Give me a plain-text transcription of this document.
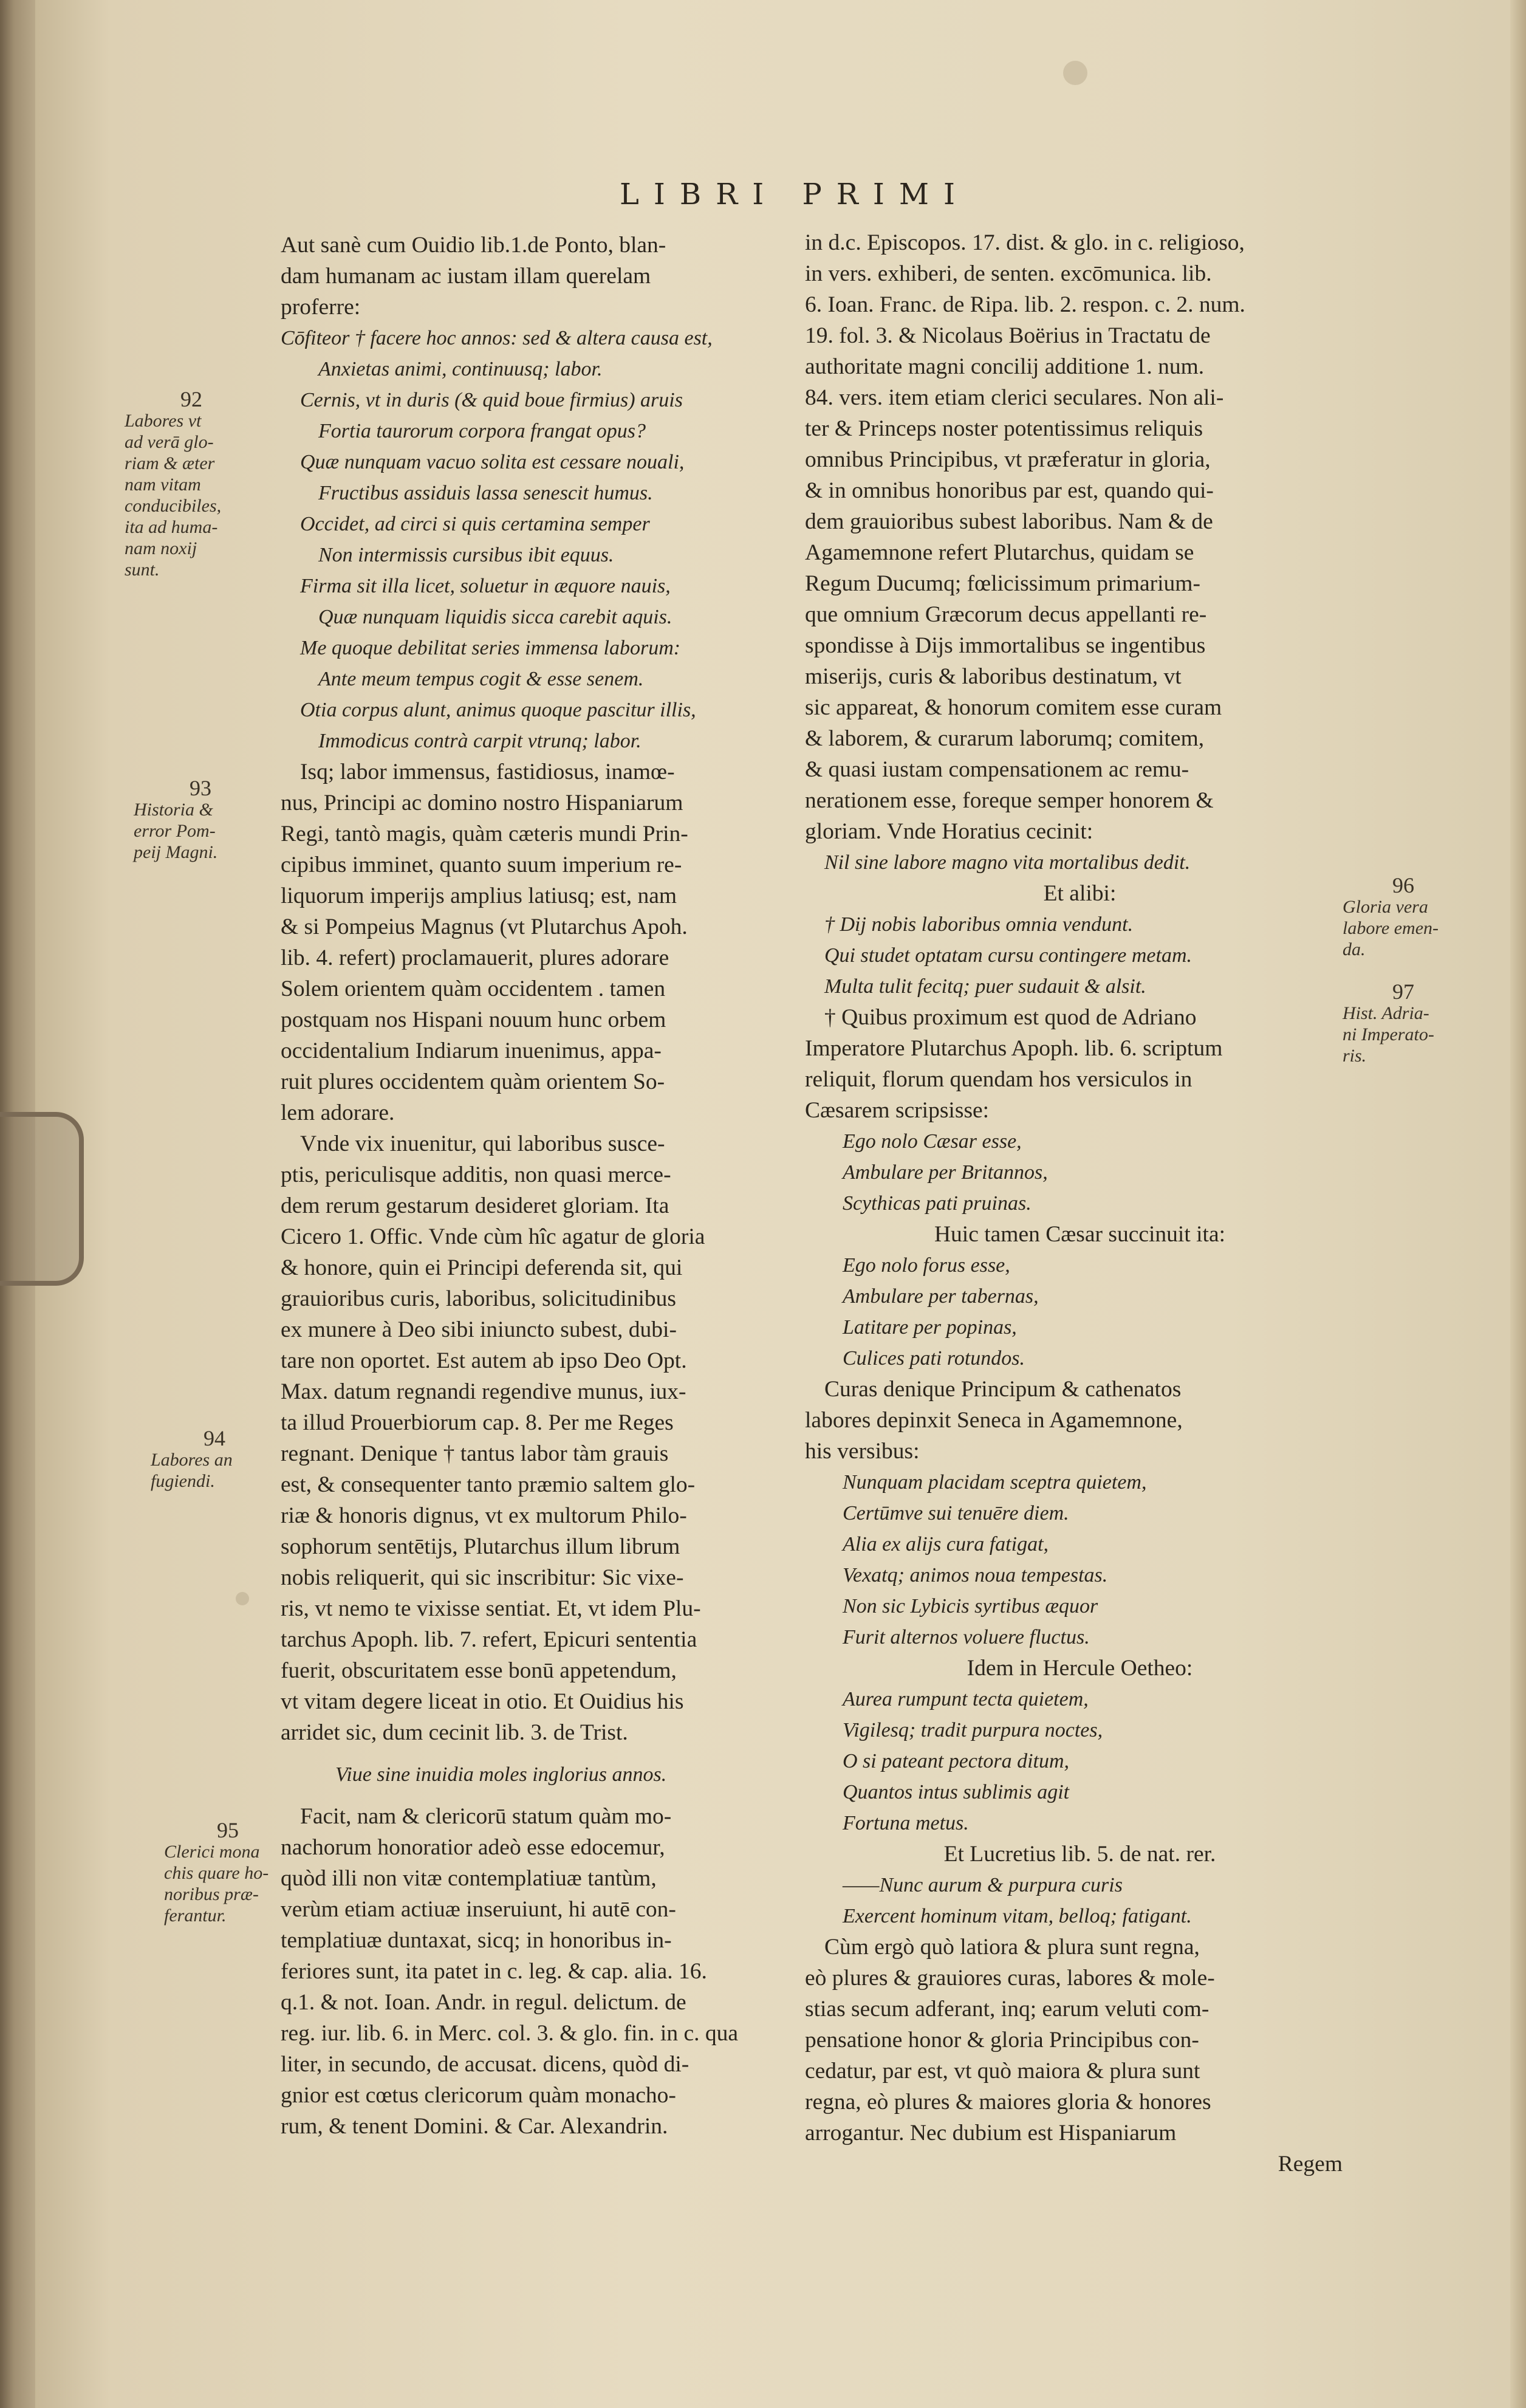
LIBRI PRIMI
Aut sanè cum Ouidio lib.1.de Ponto, blan-
dam humanam ac iustam illam querelam
proferre:
Cōfiteor † facere hoc annos: sed & altera causa est,
Anxietas animi, continuusq; labor.
Cernis, vt in duris (& quid boue firmius) aruis
Fortia taurorum corpora frangat opus?
Quæ nunquam vacuo solita est cessare nouali,
Fructibus assiduis lassa senescit humus.
Occidet, ad circi si quis certamina semper
Non intermissis cursibus ibit equus.
Firma sit illa licet, soluetur in æquore nauis,
Quæ nunquam liquidis sicca carebit aquis.
Me quoque debilitat series immensa laborum:
Ante meum tempus cogit & esse senem.
Otia corpus alunt, animus quoque pascitur illis,
Immodicus contrà carpit vtrunq; labor.
Isq; labor immensus, fastidiosus, inamœ-
nus, Principi ac domino nostro Hispaniarum
Regi, tantò magis, quàm cæteris mundi Prin-
cipibus imminet, quanto suum imperium re-
liquorum imperijs amplius latiusq; est, nam
& si Pompeius Magnus (vt Plutarchus Apoh.
lib. 4. refert) proclamauerit, plures adorare
Solem orientem quàm occidentem . tamen
postquam nos Hispani nouum hunc orbem
occidentalium Indiarum inuenimus, appa-
ruit plures occidentem quàm orientem So-
lem adorare.
Vnde vix inuenitur, qui laboribus susce-
ptis, periculisque additis, non quasi merce-
dem rerum gestarum desideret gloriam. Ita
Cicero 1. Offic. Vnde cùm hîc agatur de gloria
& honore, quin ei Principi deferenda sit, qui
grauioribus curis, laboribus, solicitudinibus
ex munere à Deo sibi iniuncto subest, dubi-
tare non oportet. Est autem ab ipso Deo Opt.
Max. datum regnandi regendive munus, iux-
ta illud Prouerbiorum cap. 8. Per me Reges
regnant. Denique † tantus labor tàm grauis
est, & consequenter tanto præmio saltem glo-
riæ & honoris dignus, vt ex multorum Philo-
sophorum sentētijs, Plutarchus illum librum
nobis reliquerit, qui sic inscribitur: Sic vixe-
ris, vt nemo te vixisse sentiat. Et, vt idem Plu-
tarchus Apoph. lib. 7. refert, Epicuri sententia
fuerit, obscuritatem esse bonū appetendum,
vt vitam degere liceat in otio. Et Ouidius his
arridet sic, dum cecinit lib. 3. de Trist.
Viue sine inuidia moles inglorius annos.
Facit, nam & clericorū statum quàm mo-
nachorum honoratior adeò esse edocemur,
quòd illi non vitæ contemplatiuæ tantùm,
verùm etiam actiuæ inseruiunt, hi autē con-
templatiuæ duntaxat, sicq; in honoribus in-
feriores sunt, ita patet in c. leg. & cap. alia. 16.
q.1. & not. Ioan. Andr. in regul. delictum. de
reg. iur. lib. 6. in Merc. col. 3. & glo. fin. in c. qua
liter, in secundo, de accusat. dicens, quòd di-
gnior est cœtus clericorum quàm monacho-
rum, & tenent Domini. & Car. Alexandrin.
in d.c. Episcopos. 17. dist. & glo. in c. religioso,
in vers. exhiberi, de senten. excōmunica. lib.
6. Ioan. Franc. de Ripa. lib. 2. respon. c. 2. num.
19. fol. 3. & Nicolaus Boërius in Tractatu de
authoritate magni concilij additione 1. num.
84. vers. item etiam clerici seculares. Non ali-
ter & Princeps noster potentissimus reliquis
omnibus Principibus, vt præferatur in gloria,
& in omnibus honoribus par est, quando qui-
dem grauioribus subest laboribus. Nam & de
Agamemnone refert Plutarchus, quidam se
Regum Ducumq; fœlicissimum primarium-
que omnium Græcorum decus appellanti re-
spondisse à Dijs immortalibus se ingentibus
miserijs, curis & laboribus destinatum, vt
sic appareat, & honorum comitem esse curam
& laborem, & curarum laborumq; comitem,
& quasi iustam compensationem ac remu-
nerationem esse, foreque semper honorem &
gloriam. Vnde Horatius cecinit:
Nil sine labore magno vita mortalibus dedit.
Et alibi:
† Dij nobis laboribus omnia vendunt.
Qui studet optatam cursu contingere metam.
Multa tulit fecitq; puer sudauit & alsit.
† Quibus proximum est quod de Adriano
Imperatore Plutarchus Apoph. lib. 6. scriptum
reliquit, florum quendam hos versiculos in
Cæsarem scripsisse:
Ego nolo Cæsar esse,
Ambulare per Britannos,
Scythicas pati pruinas.
Huic tamen Cæsar succinuit ita:
Ego nolo forus esse,
Ambulare per tabernas,
Latitare per popinas,
Culices pati rotundos.
Curas denique Principum & cathenatos
labores depinxit Seneca in Agamemnone,
his versibus:
Nunquam placidam sceptra quietem,
Certūmve sui tenuēre diem.
Alia ex alijs cura fatigat,
Vexatq; animos noua tempestas.
Non sic Lybicis syrtibus æquor
Furit alternos voluere fluctus.
Idem in Hercule Oetheo:
Aurea rumpunt tecta quietem,
Vigilesq; tradit purpura noctes,
O si pateant pectora ditum,
Quantos intus sublimis agit
Fortuna metus.
Et Lucretius lib. 5. de nat. rer.
——Nunc aurum & purpura curis
Exercent hominum vitam, belloq; fatigant.
Cùm ergò quò latiora & plura sunt regna,
eò plures & grauiores curas, labores & mole-
stias secum adferant, inq; earum veluti com-
pensatione honor & gloria Principibus con-
cedatur, par est, vt quò maiora & plura sunt
regna, eò plures & maiores gloria & honores
arrogantur. Nec dubium est Hispaniarum
Regem
92
Labores vt
ad verā glo-
riam & æter
nam vitam
conducibiles,
ita ad huma-
nam noxij
sunt.
93
Historia &
error Pom-
peij Magni.
94
Labores an
fugiendi.
95
Clerici mona
chis quare ho-
noribus præ-
ferantur.
96
Gloria vera
labore emen-
da.
97
Hist. Adria-
ni Imperato-
ris.
